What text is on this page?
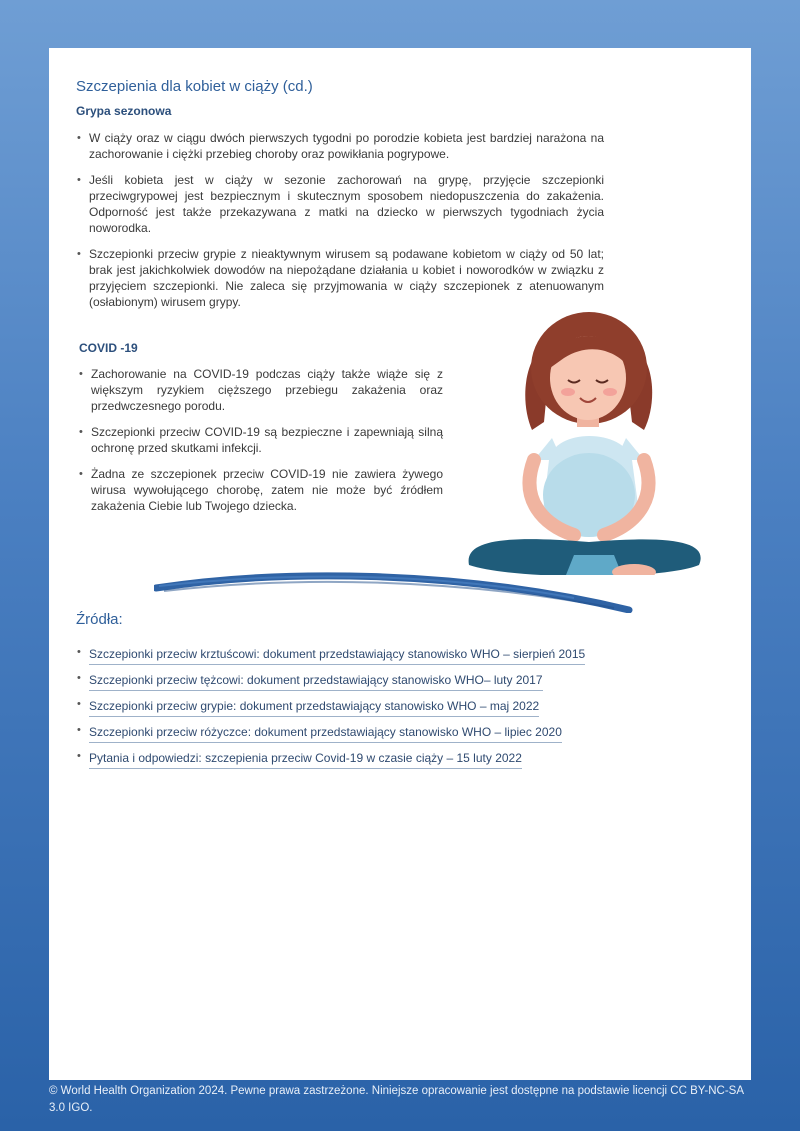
Szczepienia dla kobiet w ciąży (cd.)
Grypa sezonowa
• W ciąży oraz w ciągu dwóch pierwszych tygodni po porodzie kobieta jest bardziej narażona na zachorowanie i ciężki przebieg choroby oraz powikłania pogrypowe.
• Jeśli kobieta jest w ciąży w sezonie zachorowań na grypę, przyjęcie szczepionki przeciwgrypowej jest bezpiecznym i skutecznym sposobem niedopuszczenia do zakażenia. Odporność jest także przekazywana z matki na dziecko w pierwszych tygodniach życia noworodka.
• Szczepionki przeciw grypie z nieaktywnym wirusem są podawane kobietom w ciąży od 50 lat; brak jest jakichkolwiek dowodów na niepożądane działania u kobiet i noworodków w związku z przyjęciem szczepionki. Nie zaleca się przyjmowania w ciąży szczepionek z atenuowanym (osłabionym) wirusem grypy.
COVID -19
• Zachorowanie na COVID-19 podczas ciąży także wiąże się z większym ryzykiem cięższego przebiegu zakażenia oraz przedwczesnego porodu.
• Szczepionki przeciw COVID-19 są bezpieczne i zapewniają silną ochronę przed skutkami infekcji.
• Żadna ze szczepionek przeciw COVID-19 nie zawiera żywego wirusa wywołującego chorobę, zatem nie może być źródłem zakażenia Ciebie lub Twojego dziecka.
Źródła:
• Szczepionki przeciw krztuścowi: dokument przedstawiający stanowisko WHO – sierpień 2015
• Szczepionki przeciw tężcowi: dokument przedstawiający stanowisko WHO– luty 2017
• Szczepionki przeciw grypie: dokument przedstawiający stanowisko WHO – maj 2022
• Szczepionki przeciw różyczce: dokument przedstawiający stanowisko WHO – lipiec 2020
• Pytania i odpowiedzi: szczepienia przeciw Covid-19 w czasie ciąży – 15 luty 2022
© World Health Organization 2024. Pewne prawa zastrzeżone. Niniejsze opracowanie jest dostępne na podstawie licencji CC BY-NC-SA 3.0 IGO.
